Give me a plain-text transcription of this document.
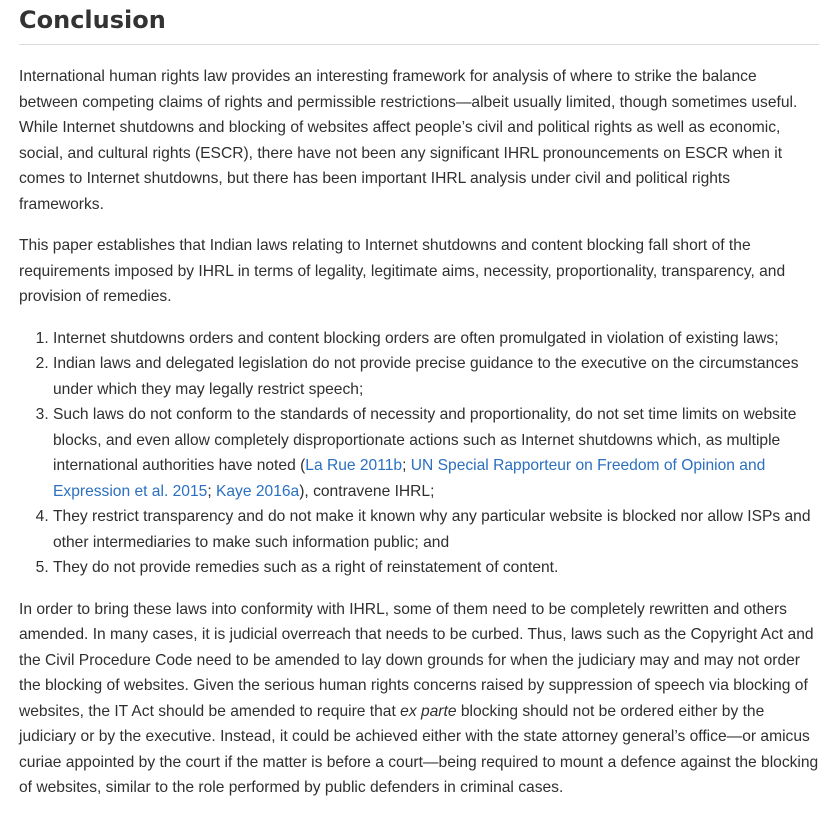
Conclusion

International human rights law provides an interesting framework for analysis of where to strike the balance between competing claims of rights and permissible restrictions—albeit usually limited, though sometimes useful. While Internet shutdowns and blocking of websites affect people’s civil and political rights as well as economic, social, and cultural rights (ESCR), there have not been any significant IHRL pronouncements on ESCR when it comes to Internet shutdowns, but there has been important IHRL analysis under civil and political rights frameworks.

This paper establishes that Indian laws relating to Internet shutdowns and content blocking fall short of the requirements imposed by IHRL in terms of legality, legitimate aims, necessity, proportionality, transparency, and provision of remedies.

1. Internet shutdowns orders and content blocking orders are often promulgated in violation of existing laws;
2. Indian laws and delegated legislation do not provide precise guidance to the executive on the circumstances under which they may legally restrict speech;
3. Such laws do not conform to the standards of necessity and proportionality, do not set time limits on website blocks, and even allow completely disproportionate actions such as Internet shutdowns which, as multiple international authorities have noted (La Rue 2011b; UN Special Rapporteur on Freedom of Opinion and Expression et al. 2015; Kaye 2016a), contravene IHRL;
4. They restrict transparency and do not make it known why any particular website is blocked nor allow ISPs and other intermediaries to make such information public; and
5. They do not provide remedies such as a right of reinstatement of content.

In order to bring these laws into conformity with IHRL, some of them need to be completely rewritten and others amended. In many cases, it is judicial overreach that needs to be curbed. Thus, laws such as the Copyright Act and the Civil Procedure Code need to be amended to lay down grounds for when the judiciary may and may not order the blocking of websites. Given the serious human rights concerns raised by suppression of speech via blocking of websites, the IT Act should be amended to require that ex parte blocking should not be ordered either by the judiciary or by the executive. Instead, it could be achieved either with the state attorney general’s office—or amicus curiae appointed by the court if the matter is before a court—being required to mount a defence against the blocking of websites, similar to the role performed by public defenders in criminal cases.
